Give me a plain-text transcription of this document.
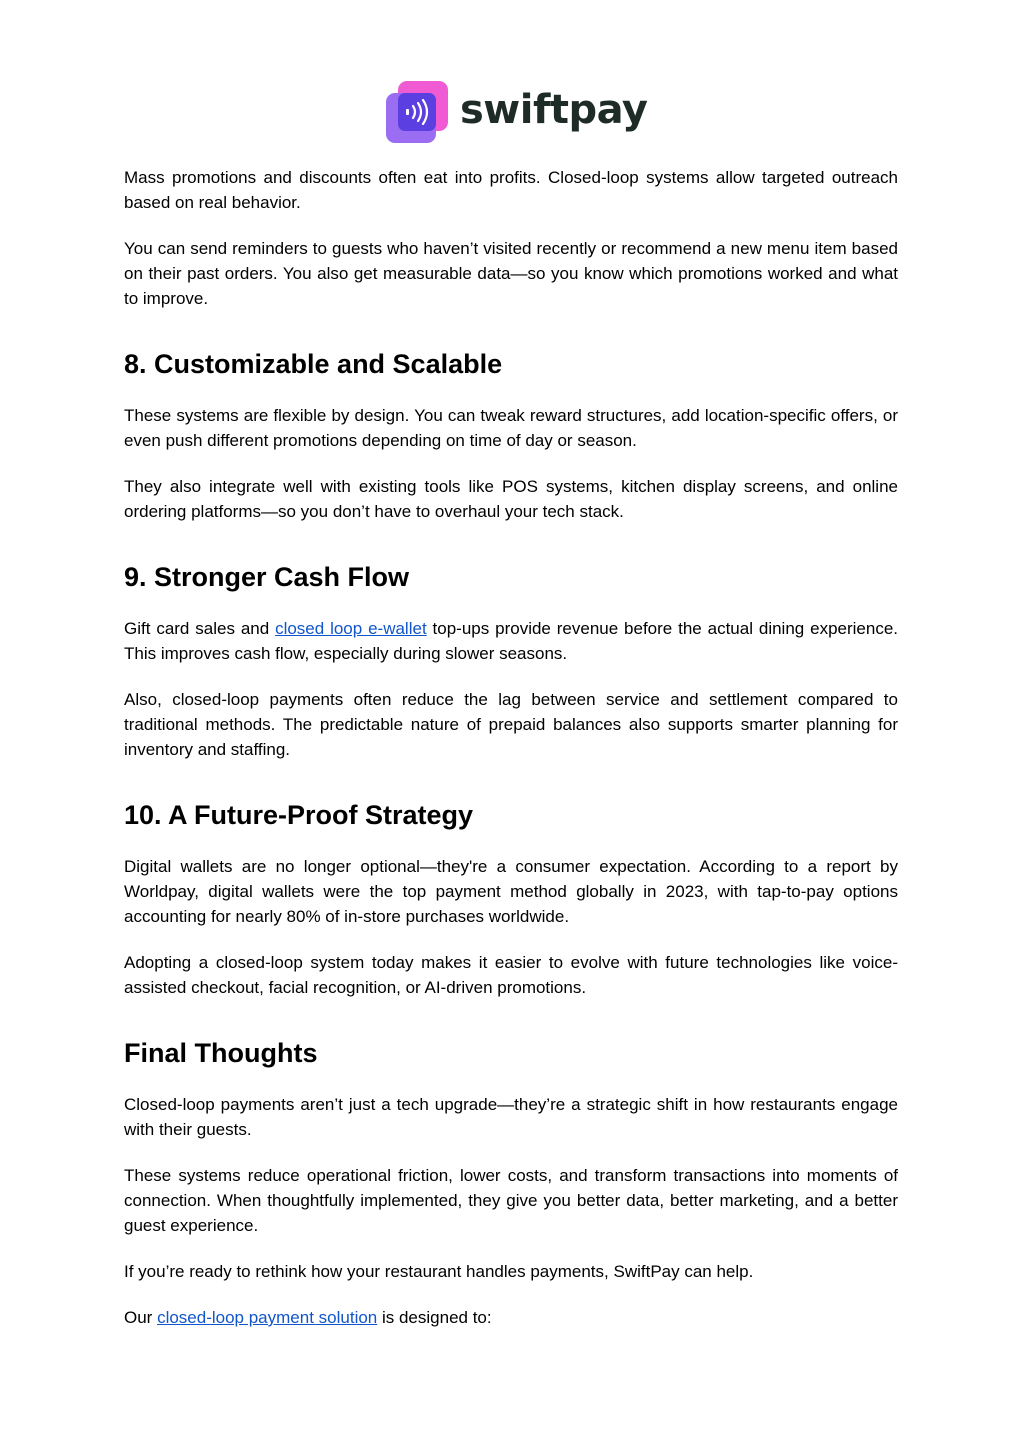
swiftpay

Mass promotions and discounts often eat into profits. Closed-loop systems allow targeted outreach based on real behavior.

You can send reminders to guests who haven’t visited recently or recommend a new menu item based on their past orders. You also get measurable data—so you know which promotions worked and what to improve.

8. Customizable and Scalable

These systems are flexible by design. You can tweak reward structures, add location-specific offers, or even push different promotions depending on time of day or season.

They also integrate well with existing tools like POS systems, kitchen display screens, and online ordering platforms—so you don’t have to overhaul your tech stack.

9. Stronger Cash Flow

Gift card sales and closed loop e-wallet top-ups provide revenue before the actual dining experience. This improves cash flow, especially during slower seasons.

Also, closed-loop payments often reduce the lag between service and settlement compared to traditional methods. The predictable nature of prepaid balances also supports smarter planning for inventory and staffing.

10. A Future-Proof Strategy

Digital wallets are no longer optional—they're a consumer expectation. According to a report by Worldpay, digital wallets were the top payment method globally in 2023, with tap-to-pay options accounting for nearly 80% of in-store purchases worldwide.

Adopting a closed-loop system today makes it easier to evolve with future technologies like voice-assisted checkout, facial recognition, or AI-driven promotions.

Final Thoughts

Closed-loop payments aren’t just a tech upgrade—they’re a strategic shift in how restaurants engage with their guests.

These systems reduce operational friction, lower costs, and transform transactions into moments of connection. When thoughtfully implemented, they give you better data, better marketing, and a better guest experience.

If you’re ready to rethink how your restaurant handles payments, SwiftPay can help.

Our closed-loop payment solution is designed to:
